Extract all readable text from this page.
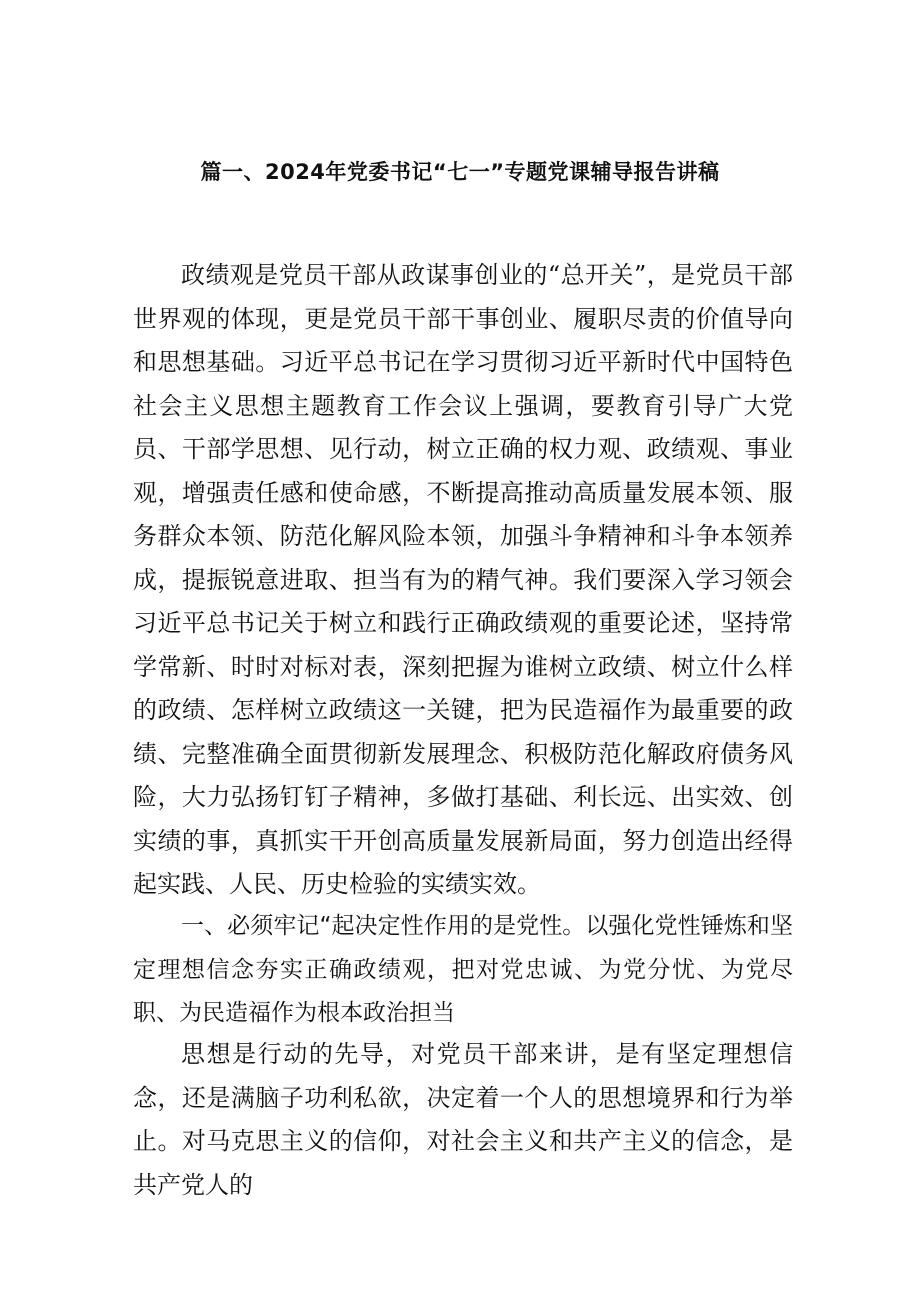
篇一、2024年党委书记“七一”专题党课辅导报告讲稿

政绩观是党员干部从政谋事创业的“总开关”，是党员干部世界观的体现，更是党员干部干事创业、履职尽责的价值导向和思想基础。习近平总书记在学习贯彻习近平新时代中国特色社会主义思想主题教育工作会议上强调，要教育引导广大党员、干部学思想、见行动，树立正确的权力观、政绩观、事业观，增强责任感和使命感，不断提高推动高质量发展本领、服务群众本领、防范化解风险本领，加强斗争精神和斗争本领养成，提振锐意进取、担当有为的精气神。我们要深入学习领会习近平总书记关于树立和践行正确政绩观的重要论述，坚持常学常新、时时对标对表，深刻把握为谁树立政绩、树立什么样的政绩、怎样树立政绩这一关键，把为民造福作为最重要的政绩、完整准确全面贯彻新发展理念、积极防范化解政府债务风险，大力弘扬钉钉子精神，多做打基础、利长远、出实效、创实绩的事，真抓实干开创高质量发展新局面，努力创造出经得起实践、人民、历史检验的实绩实效。

一、必须牢记“起决定性作用的是党性。以强化党性锤炼和坚定理想信念夯实正确政绩观，把对党忠诚、为党分忧、为党尽职、为民造福作为根本政治担当

思想是行动的先导，对党员干部来讲，是有坚定理想信念，还是满脑子功利私欲，决定着一个人的思想境界和行为举止。对马克思主义的信仰，对社会主义和共产主义的信念，是共产党人的
